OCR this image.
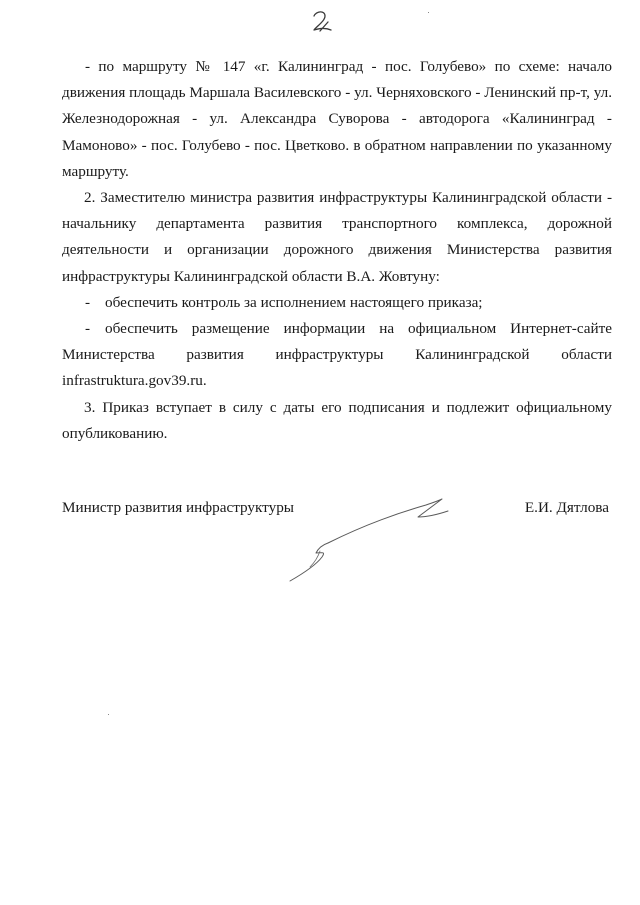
- по маршруту № 147 «г. Калининград - пос. Голубево» по схеме: начало движения площадь Маршала Василевского - ул. Черняховского - Ленинский пр-т, ул. Железнодорожная - ул. Александра Суворова - автодорога «Калининград - Мамоново» - пос. Голубево - пос. Цветково. в обратном направлении по указанному маршруту.

2. Заместителю министра развития инфраструктуры Калининградской области - начальнику департамента развития транспортного комплекса, дорожной деятельности и организации дорожного движения Министерства развития инфраструктуры Калининградской области В.А. Жовтуну:

- обеспечить контроль за исполнением настоящего приказа;

- обеспечить размещение информации на официальном Интернет-сайте Министерства развития инфраструктуры Калининградской области infrastruktura.gov39.ru.

3. Приказ вступает в силу с даты его подписания и подлежит официальному опубликованию.

Министр развития инфраструктуры	Е.И. Дятлова
